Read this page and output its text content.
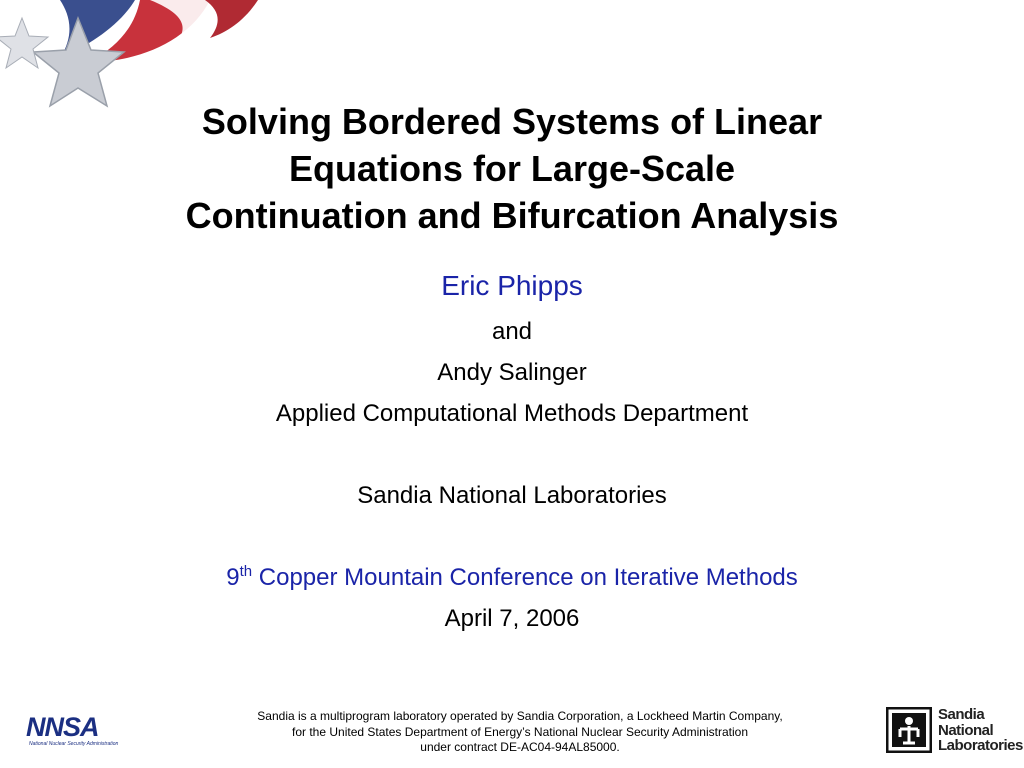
Solving Bordered Systems of Linear
Equations for Large-Scale
Continuation and Bifurcation Analysis
Eric Phipps
and
Andy Salinger
Applied Computational Methods Department
Sandia National Laboratories
9th Copper Mountain Conference on Iterative Methods
April 7, 2006
NNSA
National Nuclear Security Administration
Sandia is a multiprogram laboratory operated by Sandia Corporation, a Lockheed Martin Company,
for the United States Department of Energy’s National Nuclear Security Administration
under contract DE-AC04-94AL85000.
Sandia
National
Laboratories
